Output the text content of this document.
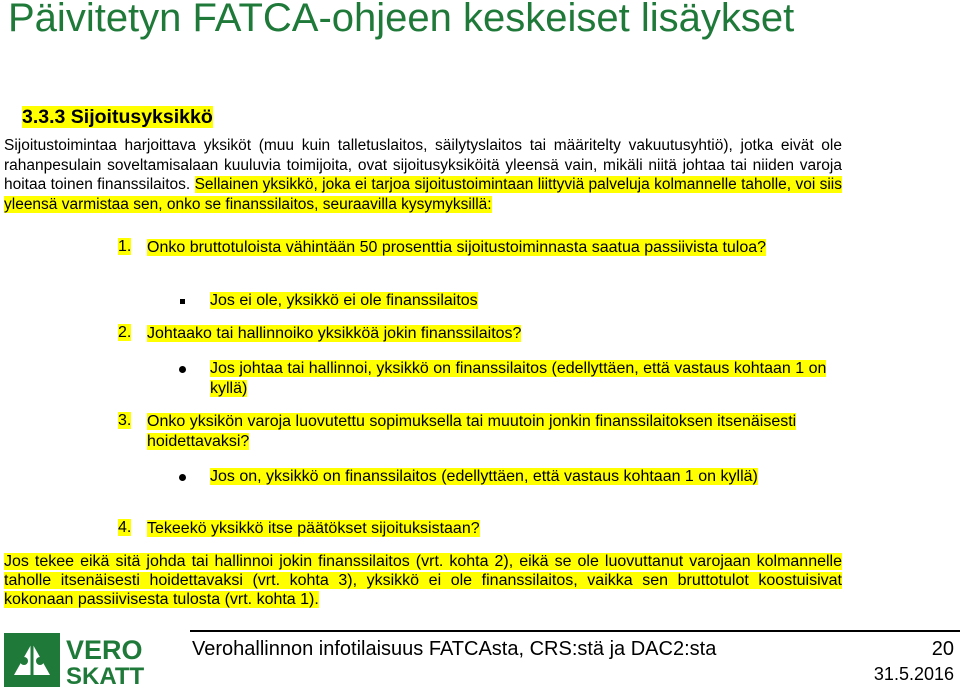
Päivitetyn FATCA-ohjeen keskeiset lisäykset
3.3.3 Sijoitusyksikkö
Sijoitustoimintaa harjoittava yksiköt (muu kuin talletuslaitos, säilytyslaitos tai määritelty vakuutusyhtiö), jotka eivät ole rahanpesulain soveltamisalaan kuuluvia toimijoita, ovat sijoitusyksiköitä yleensä vain, mikäli niitä johtaa tai niiden varoja hoitaa toinen finanssilaitos. Sellainen yksikkö, joka ei tarjoa sijoitustoimintaan liittyviä palveluja kolmannelle taholle, voi siis yleensä varmistaa sen, onko se finanssilaitos, seuraavilla kysymyksillä:
1. Onko bruttotuloista vähintään 50 prosenttia sijoitustoiminnasta saatua passiivista tuloa?
Jos ei ole, yksikkö ei ole finanssilaitos
2. Johtaako tai hallinnoiko yksikköä jokin finanssilaitos?
Jos johtaa tai hallinnoi, yksikkö on finanssilaitos (edellyttäen, että vastaus kohtaan 1 on kyllä)
3. Onko yksikön varoja luovutettu sopimuksella tai muutoin jonkin finanssilaitoksen itsenäisesti hoidettavaksi?
Jos on, yksikkö on finanssilaitos (edellyttäen, että vastaus kohtaan 1 on kyllä)
4. Tekeekö yksikkö itse päätökset sijoituksistaan?
Jos tekee eikä sitä johda tai hallinnoi jokin finanssilaitos (vrt. kohta 2), eikä se ole luovuttanut varojaan kolmannelle taholle itsenäisesti hoidettavaksi (vrt. kohta 3), yksikkö ei ole finanssilaitos, vaikka sen bruttotulot koostuisivat kokonaan passiivisesta tulosta (vrt. kohta 1).
VERO
SKATT
Verohallinnon infotilaisuus FATCAsta, CRS:stä ja DAC2:sta	20
31.5.2016
